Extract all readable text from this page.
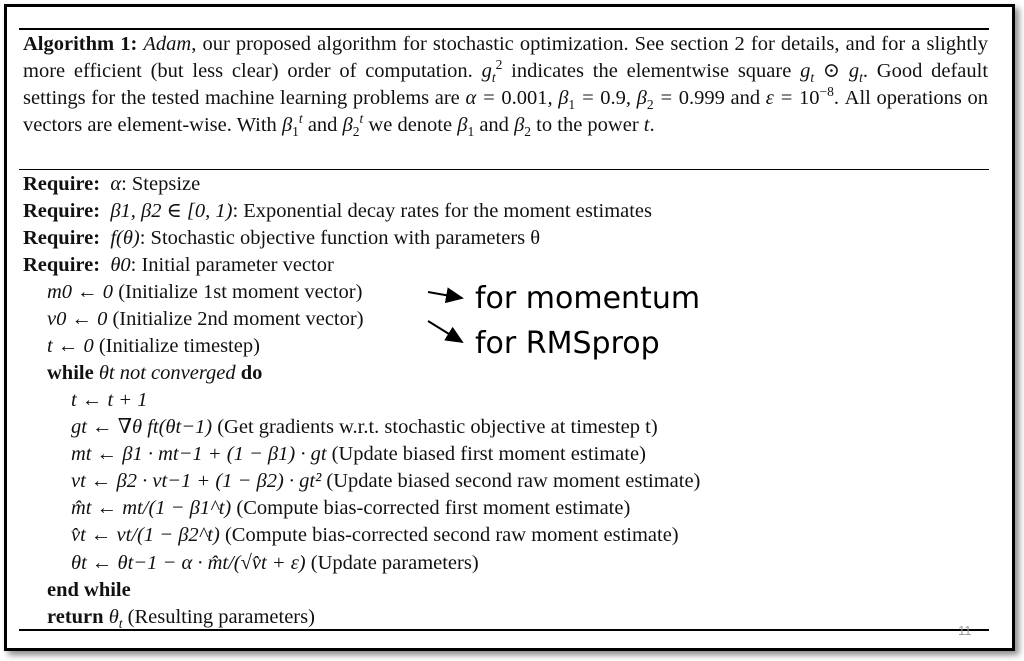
Algorithm 1: Adam, our proposed algorithm for stochastic optimization. See section 2 for details, and for a slightly more efficient (but less clear) order of computation. $g_t^2$ indicates the elementwise square $g_t$ ⊙ $g_t$. Good default settings for the tested machine learning problems are α = 0.001, $\beta_1 = 0.9$, $\beta_2 = 0.999$ and $\varepsilon = 10^{-8}$. All operations on vectors are element-wise. With $\beta_1^t$ and $\beta_2^t$ we denote $\beta_1$ and $\beta_2$ to the power t.

Require: α: Stepsize
Require: β1, β2 ∈ [0, 1): Exponential decay rates for the moment estimates
Require: f(θ): Stochastic objective function with parameters θ
Require: θ0: Initial parameter vector
m0 ← 0 (Initialize 1st moment vector)
v0 ← 0 (Initialize 2nd moment vector)
t ← 0 (Initialize timestep)
while θt not converged do
t ← t + 1
gt ← ∇θ ft(θt−1) (Get gradients w.r.t. stochastic objective at timestep t)
mt ← β1 · mt−1 + (1 − β1) · gt (Update biased first moment estimate)
vt ← β2 · vt−1 + (1 − β2) · gt² (Update biased second raw moment estimate)
m̂t ← mt/(1 − β1^t) (Compute bias-corrected first moment estimate)
v̂t ← vt/(1 − β2^t) (Compute bias-corrected second raw moment estimate)
θt ← θt−1 − α · m̂t/(√v̂t + ε) (Update parameters)
end while
return $\theta_t$ (Resulting parameters)
for momentum
for RMSprop
11
